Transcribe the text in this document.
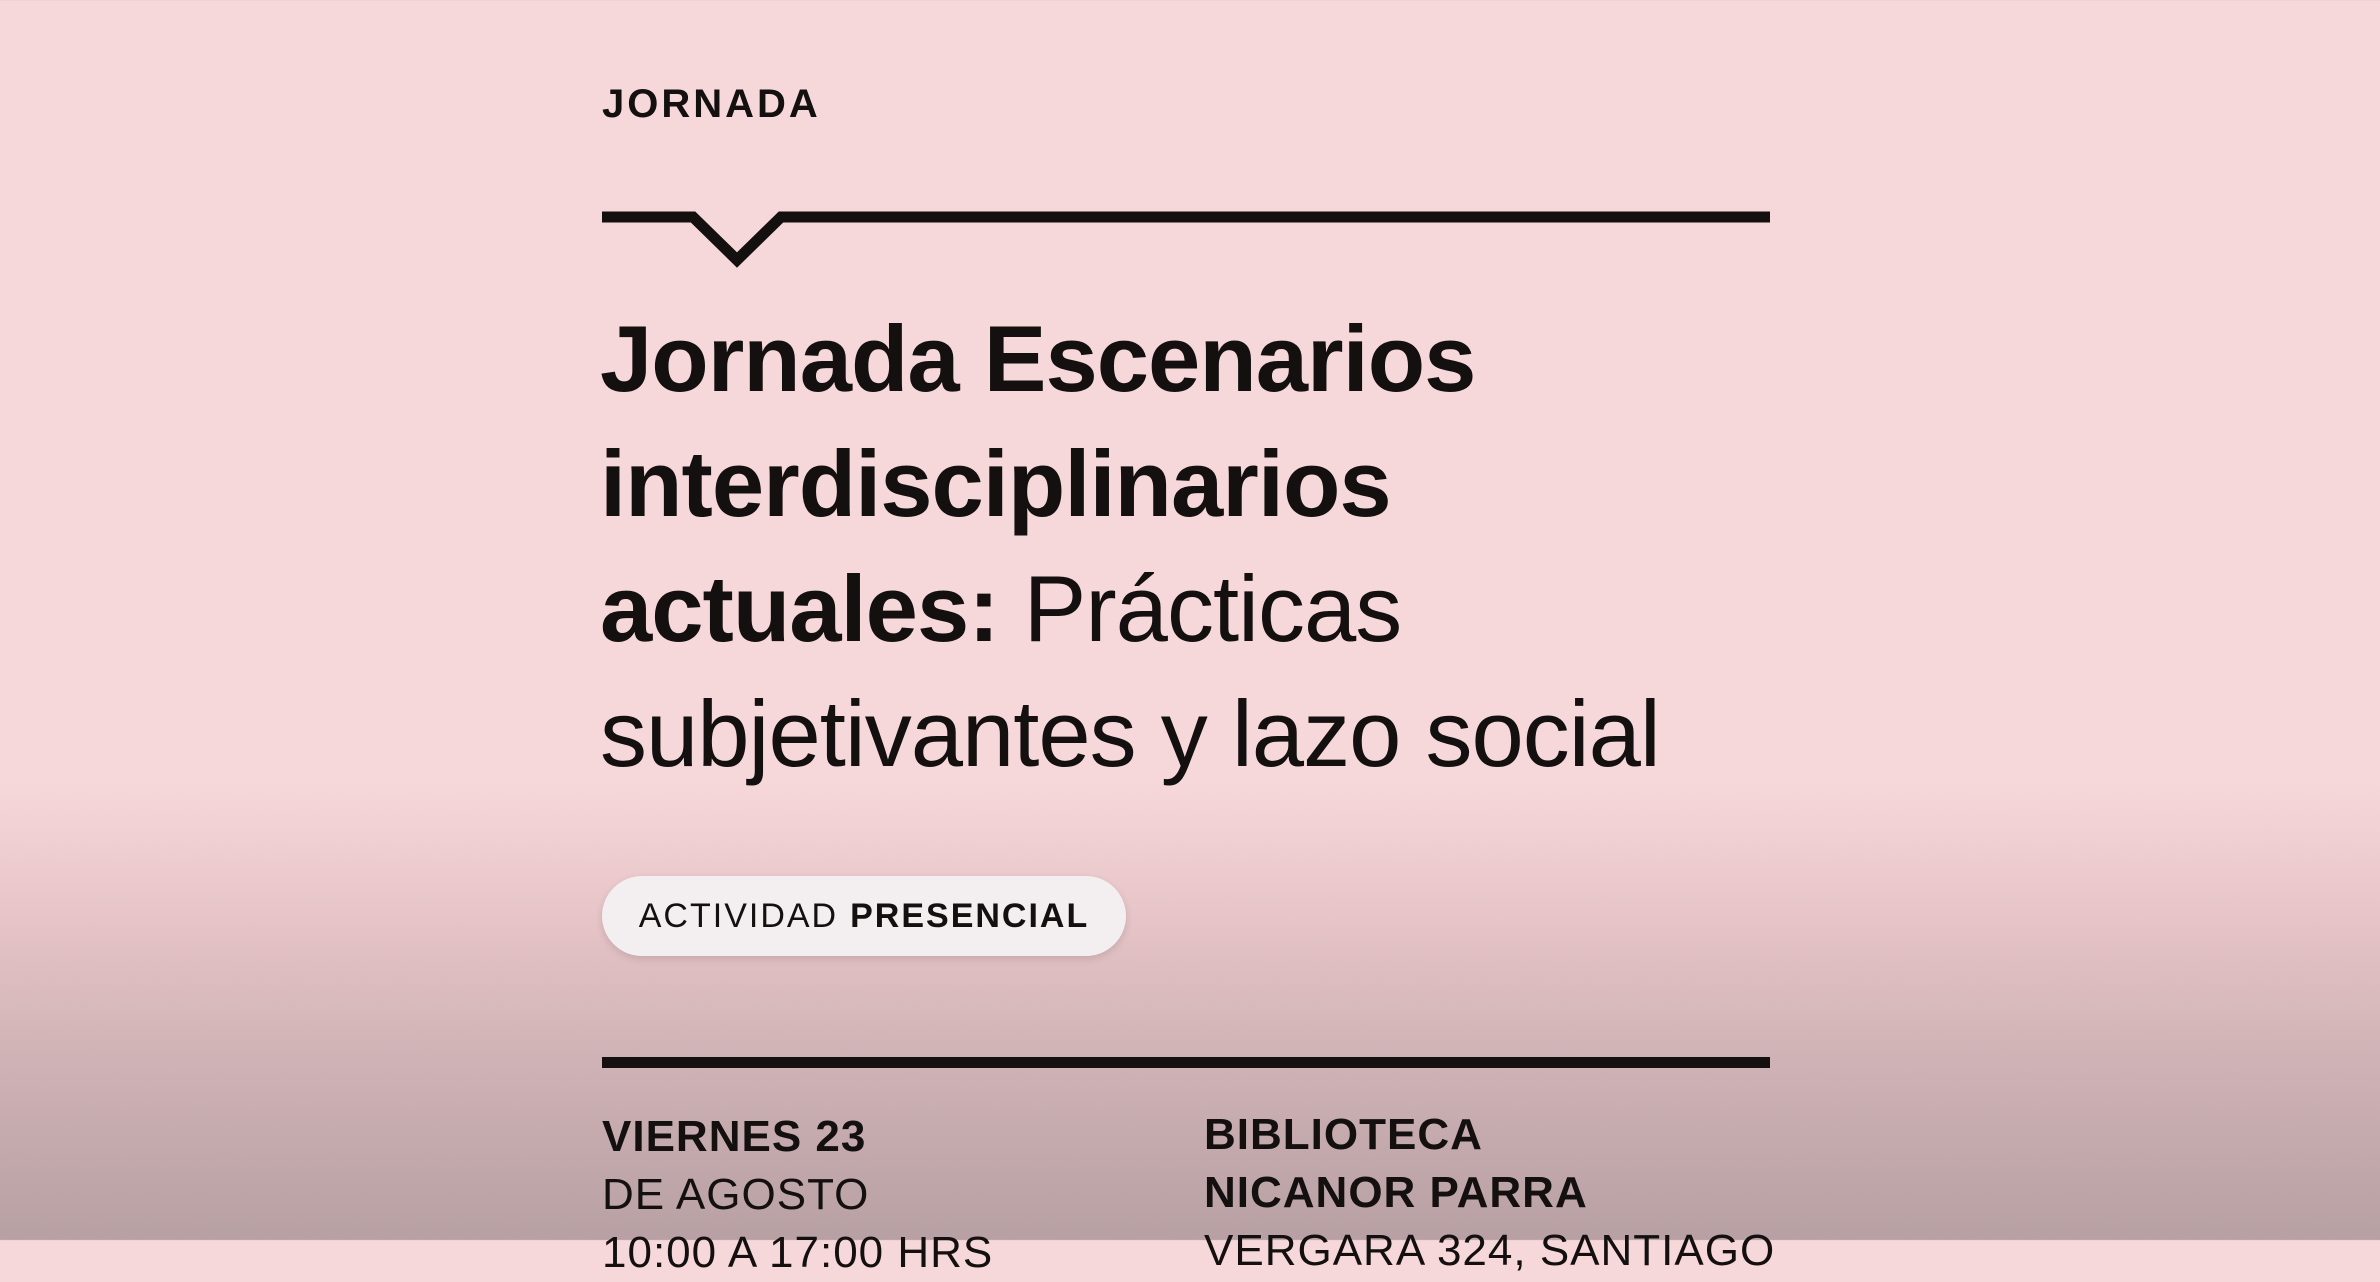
JORNADA
Jornada Escenarios
interdisciplinarios
actuales: Prácticas
subjetivantes y lazo social
ACTIVIDAD PRESENCIAL
VIERNES 23
DE AGOSTO
10:00 A 17:00 HRS
BIBLIOTECA
NICANOR PARRA
VERGARA 324, SANTIAGO
